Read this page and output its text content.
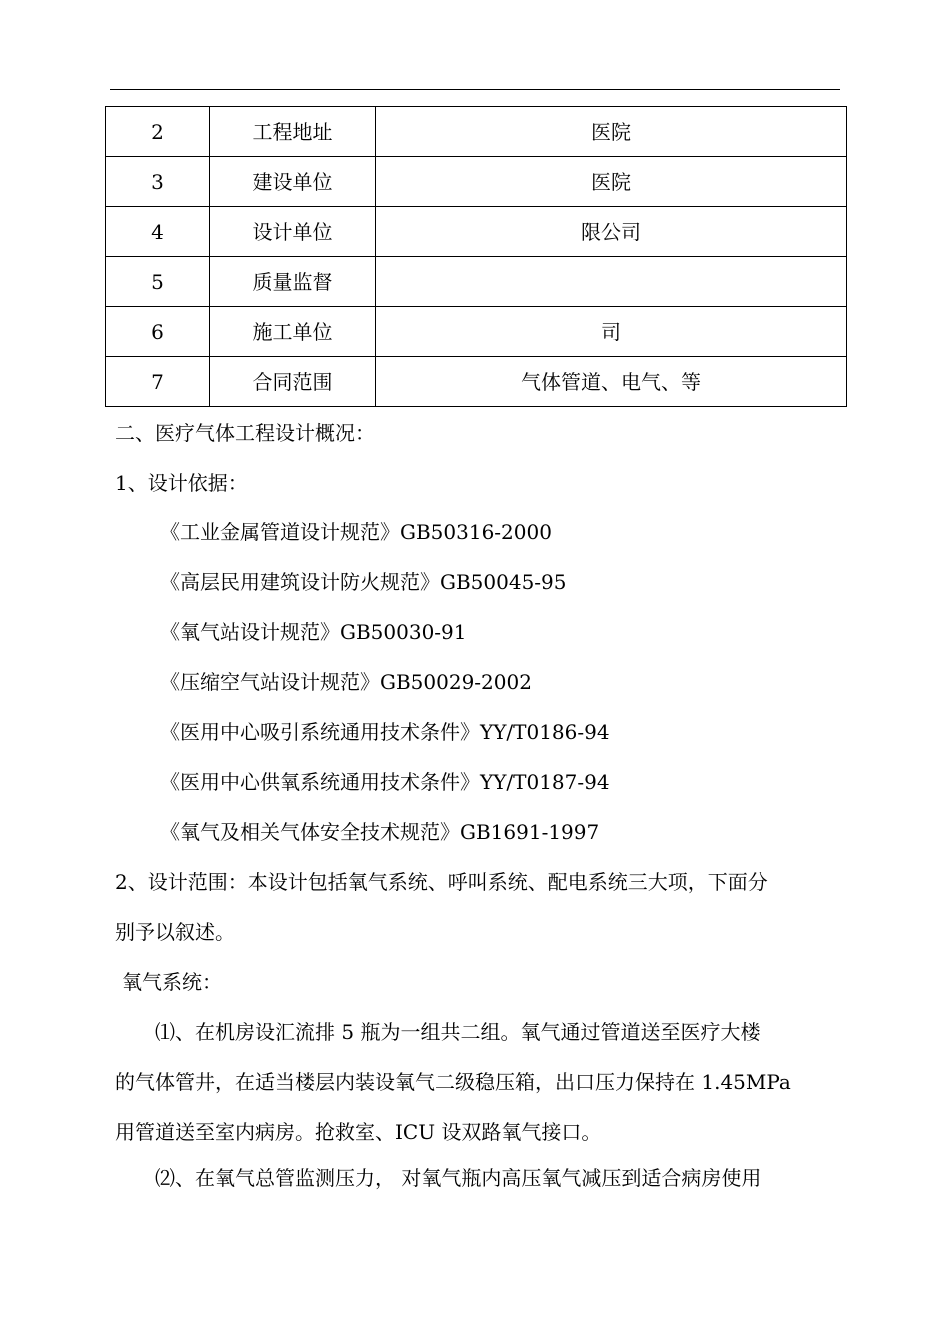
2	工程地址	医院
3	建设单位	医院
4	设计单位	限公司
5	质量监督	
6	施工单位	司
7	合同范围	气体管道、电气、等
二、医疗气体工程设计概况：
1、设计依据：
《工业金属管道设计规范》GB50316-2000
《高层民用建筑设计防火规范》GB50045-95
《氧气站设计规范》GB50030-91
《压缩空气站设计规范》GB50029-2002
《医用中心吸引系统通用技术条件》YY/T0186-94
《医用中心供氧系统通用技术条件》YY/T0187-94
《氧气及相关气体安全技术规范》GB1691-1997
2、设计范围：本设计包括氧气系统、呼叫系统、配电系统三大项，下面分
别予以叙述。
氧气系统：
⑴、在机房设汇流排 5 瓶为一组共二组。氧气通过管道送至医疗大楼
的气体管井，在适当楼层内装设氧气二级稳压箱，出口压力保持在 1.45MPa
用管道送至室内病房。抢救室、ICU 设双路氧气接口。
⑵、在氧气总管监测压力， 对氧气瓶内高压氧气减压到适合病房使用
